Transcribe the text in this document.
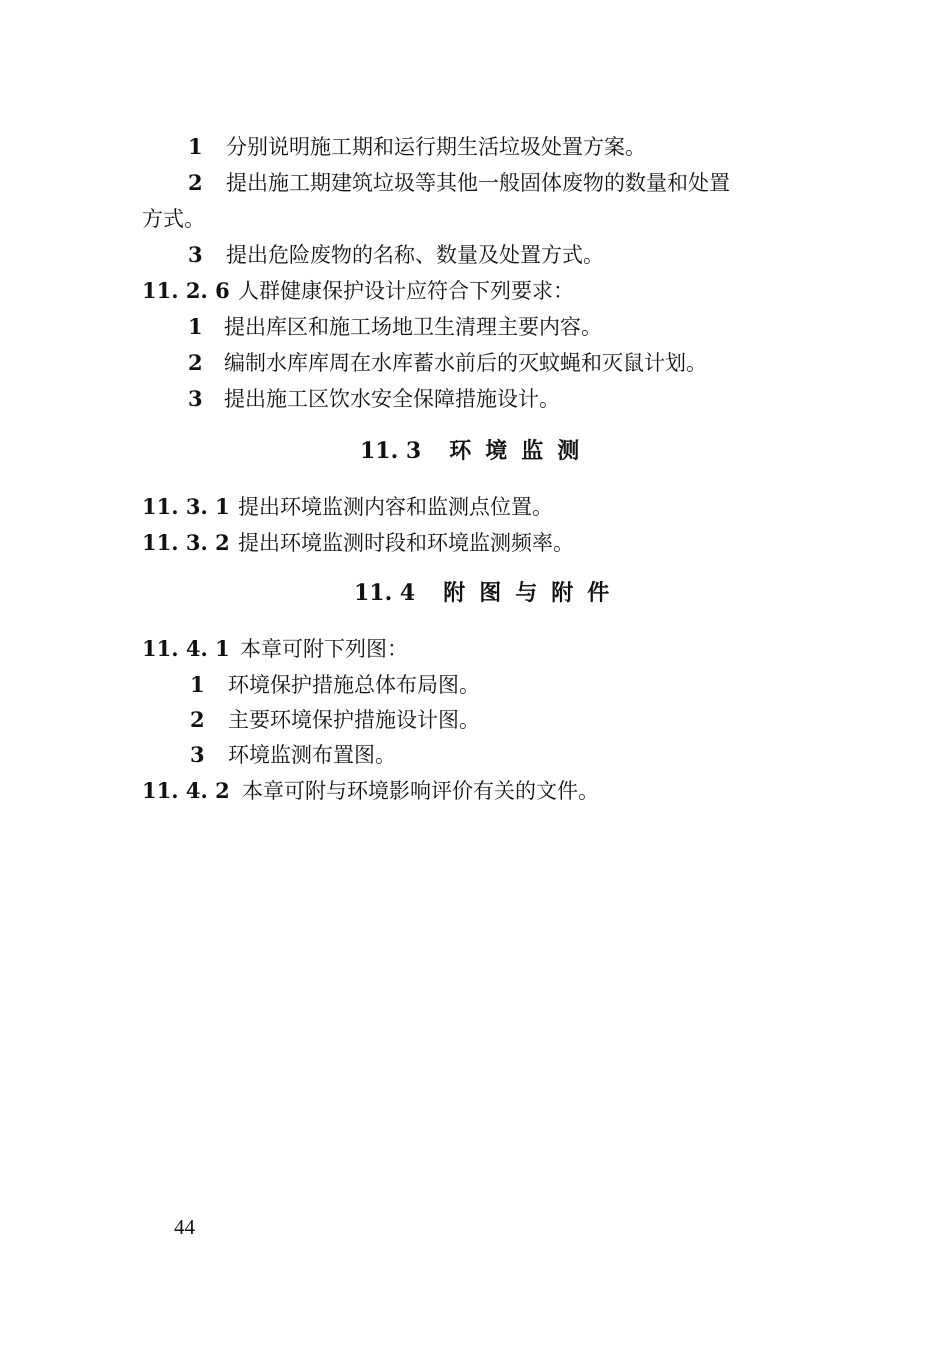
1 分别说明施工期和运行期生活垃圾处置方案。
2 提出施工期建筑垃圾等其他一般固体废物的数量和处置
方式。
3 提出危险废物的名称、数量及处置方式。
11. 2. 6 人群健康保护设计应符合下列要求：
1 提出库区和施工场地卫生清理主要内容。
2 编制水库库周在水库蓄水前后的灭蚊蝇和灭鼠计划。
3 提出施工区饮水安全保障措施设计。
11. 3 环境监测
11. 3. 1 提出环境监测内容和监测点位置。
11. 3. 2 提出环境监测时段和环境监测频率。
11. 4 附图与附件
11. 4. 1 本章可附下列图：
1 环境保护措施总体布局图。
2 主要环境保护措施设计图。
3 环境监测布置图。
11. 4. 2 本章可附与环境影响评价有关的文件。
44
